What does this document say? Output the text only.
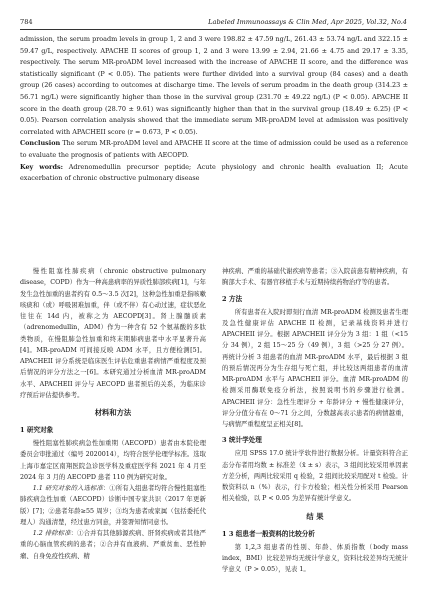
784	Labeled Immunoassays & Clin Med, Apr 2025, Vol.32, No.4

admission, the serum proadm levels in group 1, 2 and 3 were 198.82 ± 47.59 ng/L, 261.43 ± 53.74 ng/L and 322.15 ± 59.47 g/L, respectively. APACHE II scores of group 1, 2 and 3 were 13.99 ± 2.94, 21.66 ± 4.75 and 29.17 ± 3.35, respectively. The serum MR-proADM level increased with the increase of APACHE II score, and the difference was statistically significant (P < 0.05). The patients were further divided into a survival group (84 cases) and a death group (26 cases) according to outcomes at discharge time. The levels of serum proadm in the death group (314.23 ± 56.71 ng/L) were significantly higher than those in the survival group (231.70 ± 49.22 ng/L) (P < 0.05). APACHE II score in the death group (28.70 ± 9.61) was significantly higher than that in the survival group (18.49 ± 6.25) (P < 0.05). Pearson correlation analysis showed that the immediate serum MR-proADM level at admission was positively correlated with APACHEII score (r = 0.673, P < 0.05).

Conclusion The serum MR-proADM level and APACHE II score at the time of admission could be used as a reference to evaluate the prognosis of patients with AECOPD.

Key words: Adrenomedullin precursor peptide; Acute physiology and chronic health evaluation II; Acute exacerbation of chronic obstructive pulmonary disease

慢性阻塞性肺疾病（chronic obstructive pulmonary disease，COPD）作为一种高患病率的异质性肺部疾病[1]，与年发生急性加重的患者约有 0.5～3.5 次[2]，这种急性加重是指咳嗽咳痰和（或）呼吸困难加重，伴（或不伴）有心动过速，症状恶化往往在 14d 内，被称之为 AECOPD[3]。肾上腺髓质素（adrenomedullin，ADM）作为一种含有 52 个氨基酸的多肽类物质，在慢阻肺急性加重和终末期肺病患者中水平显著升高[4]。MR-proADM 可间接反映 ADM 水平，且方便检测[5]。APACHEII 评分系统是临床医生评估危重患者病情严重程度及预后情况的评分方法之一[6]。本研究通过分析血清 MR-proADM 水平、APACHEII 评分与 AECOPD 患者预后的关系，为临床诊疗预后评估提供参考。

材料和方法
1 研究对象

慢性阻塞性肺疾病急性加重期（AECOPD）患者由本院伦理委员会审批通过（编号 2020014），均符合医学伦理学标准。选取上海市嘉定区南翔医院急诊医学科及重症医学科 2021 年 4 月至 2024 年 3 月的 AECOPD 患者 110 例为研究对象。

1.1 研究对象的入选标准：①所有入组患者均符合慢性阻塞性肺疾病急性加重（AECOPD）诊断中国专家共识（2017 年更新版）[7]；②患者年龄≥55 周岁；③均为患者或家属（包括委托代理人）沟通清楚，经过患方同意，并签署知情同意书。

1.2 排除标准：①合并有其他肺源疾病、肝肾疾病或者其他严重的心脑血管疾病的患者；②合并有血液病、严重贫血、恶性肿瘤、自身免疫性疾病、精

神疾病、严重的基础代谢疾病等患者；③入院前患有精神疾病，有胸部大手术、有器官移植手术与近期持续药物治疗等的患者。

2 方法

所有患者在入院时即刻行血清 MR-proADM 检测及患者生理及急性健康评估 APACHE II 检测，记录基线资料并进行 APACHEII 评分。根据 APACHEII 评分分为 3 组：1 组（<15 分 34 例），2 组 15～25 分（49 例），3 组（>25 分 27 例）。再统计分析 3 组患者的血清 MR-proADM 水平，最后根据 3 组的预后情况再分为生存组与死亡组，并比较这两组患者的血清 MR-proADM 水平与 APACHEII 评分。血清 MR-proADM 的检测采用酶联免疫分析法，按照说明书的步骤进行检测。APACHEII 评分：急性生理评分 + 年龄评分 + 慢性健康评分，评分分值分布在 0～71 分之间，分数越高表示患者的病情越重，与病情严重程度呈正相关[8]。

3 统计学处理

应用 SPSS 17.0 统计学软件进行数据分析。计量资料符合正态分布者用均数 ± 标准差（x̄ ± s）表示，3 组间比较采用单因素方差分析，两两比较采用 q 检验，2 组间比较采用配对 t 检验。计数资料以 n（%）表示，行卡方检验；相关性分析采用 Pearson 相关检验，以 P < 0.05 为差异有统计学意义。

结 果
1 3 组患者一般资料的比较分析

第 1,2,3 组患者的性别、年龄、体质指数（body mass index，BMI）比较差异均无统计学意义，资料比较差异均无统计学意义（P > 0.05），见表 1。
